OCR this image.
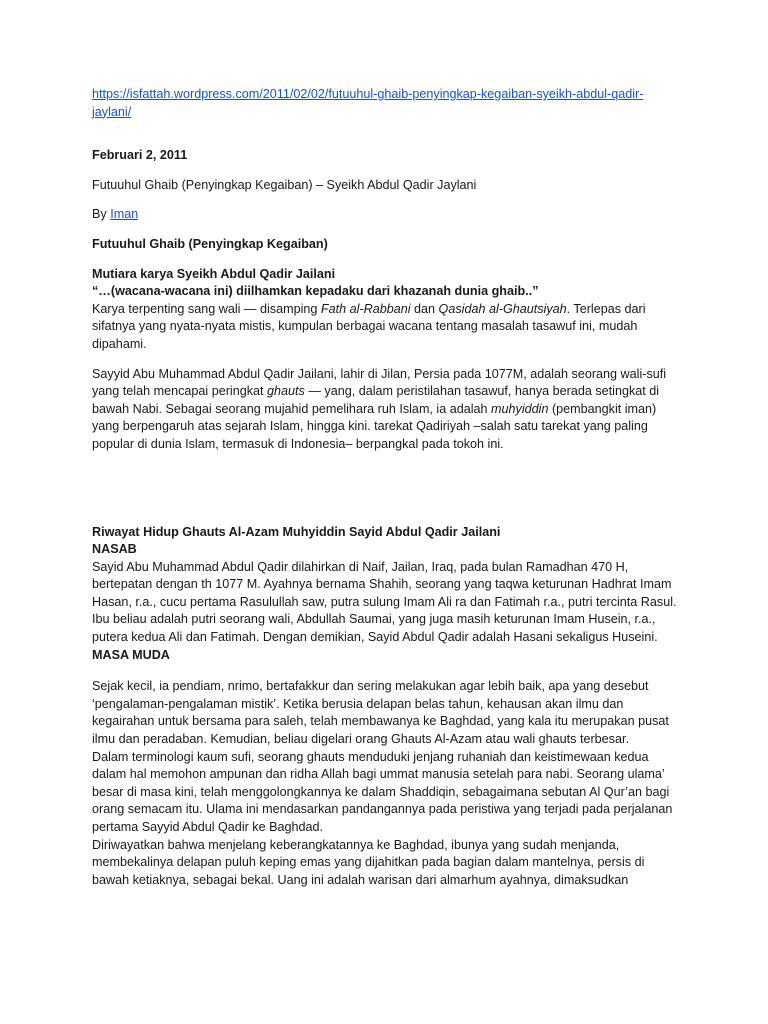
https://isfattah.wordpress.com/2011/02/02/futuuhul-ghaib-penyingkap-kegaiban-syeikh-abdul-qadir-jaylani/

Februari 2, 2011

Futuuhul Ghaib (Penyingkap Kegaiban) – Syeikh Abdul Qadir Jaylani

By Iman

Futuuhul Ghaib (Penyingkap Kegaiban)

Mutiara karya Syeikh Abdul Qadir Jailani

“…(wacana-wacana ini) diilhamkan kepadaku dari khazanah dunia ghaib..”

Karya terpenting sang wali — disamping Fath al-Rabbani dan Qasidah al-Ghautsiyah. Terlepas dari sifatnya yang nyata-nyata mistis, kumpulan berbagai wacana tentang masalah tasawuf ini, mudah dipahami.

Sayyid Abu Muhammad Abdul Qadir Jailani, lahir di Jilan, Persia pada 1077M, adalah seorang wali-sufi yang telah mencapai peringkat ghauts — yang, dalam peristilahan tasawuf, hanya berada setingkat di bawah Nabi. Sebagai seorang mujahid pemelihara ruh Islam, ia adalah muhyiddin (pembangkit iman) yang berpengaruh atas sejarah Islam, hingga kini. tarekat Qadiriyah –salah satu tarekat yang paling popular di dunia Islam, termasuk di Indonesia– berpangkal pada tokoh ini.

Riwayat Hidup Ghauts Al-Azam Muhyiddin Sayid Abdul Qadir Jailani

NASAB

Sayid Abu Muhammad Abdul Qadir dilahirkan di Naif, Jailan, Iraq, pada bulan Ramadhan 470 H, bertepatan dengan th 1077 M. Ayahnya bernama Shahih, seorang yang taqwa keturunan Hadhrat Imam Hasan, r.a., cucu pertama Rasulullah saw, putra sulung Imam Ali ra dan Fatimah r.a., putri tercinta Rasul. Ibu beliau adalah putri seorang wali, Abdullah Saumai, yang juga masih keturunan Imam Husein, r.a., putera kedua Ali dan Fatimah. Dengan demikian, Sayid Abdul Qadir adalah Hasani sekaligus Huseini.

MASA MUDA

Sejak kecil, ia pendiam, nrimo, bertafakkur dan sering melakukan agar lebih baik, apa yang desebut ‘pengalaman-pengalaman mistik’. Ketika berusia delapan belas tahun, kehausan akan ilmu dan kegairahan untuk bersama para saleh, telah membawanya ke Baghdad, yang kala itu merupakan pusat ilmu dan peradaban. Kemudian, beliau digelari orang Ghauts Al-Azam atau wali ghauts terbesar.

Dalam terminologi kaum sufi, seorang ghauts menduduki jenjang ruhaniah dan keistimewaan kedua dalam hal memohon ampunan dan ridha Allah bagi ummat manusia setelah para nabi. Seorang ulama’ besar di masa kini, telah menggolongkannya ke dalam Shaddiqin, sebagaimana sebutan Al Qur’an bagi orang semacam itu. Ulama ini mendasarkan pandangannya pada peristiwa yang terjadi pada perjalanan pertama Sayyid Abdul Qadir ke Baghdad.

Diriwayatkan bahwa menjelang keberangkatannya ke Baghdad, ibunya yang sudah menjanda, membekalinya delapan puluh keping emas yang dijahitkan pada bagian dalam mantelnya, persis di bawah ketiaknya, sebagai bekal. Uang ini adalah warisan dari almarhum ayahnya, dimaksudkan
